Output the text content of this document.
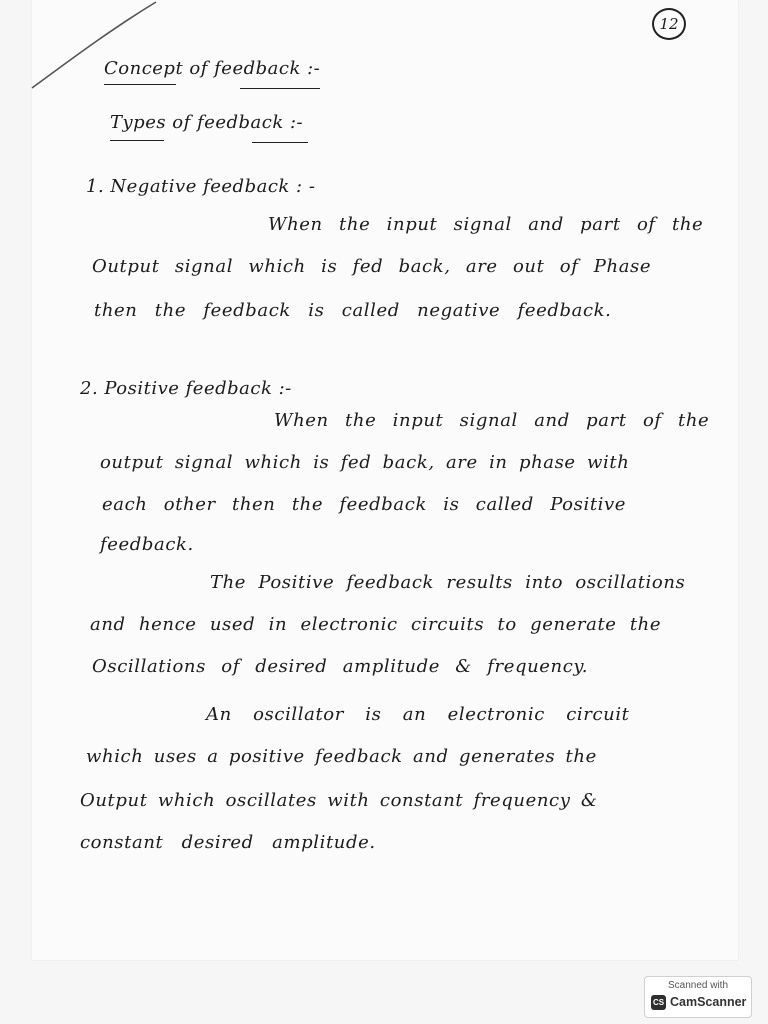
12
Concept of feedback :-
Types of feedback :-
1. Negative feedback : -
When the input signal and part of the
Output signal which is fed back, are out of Phase
then the feedback is called negative feedback.
2. Positive feedback :-
When the input signal and part of the
output signal which is fed back, are in phase with
each other then the feedback is called Positive
feedback.
The Positive feedback results into oscillations
and hence used in electronic circuits to generate the
Oscillations of desired amplitude & frequency.
An oscillator is an electronic circuit
which uses a positive feedback and generates the
Output which oscillates with constant frequency &
constant desired amplitude.
Scanned with
CS CamScanner
